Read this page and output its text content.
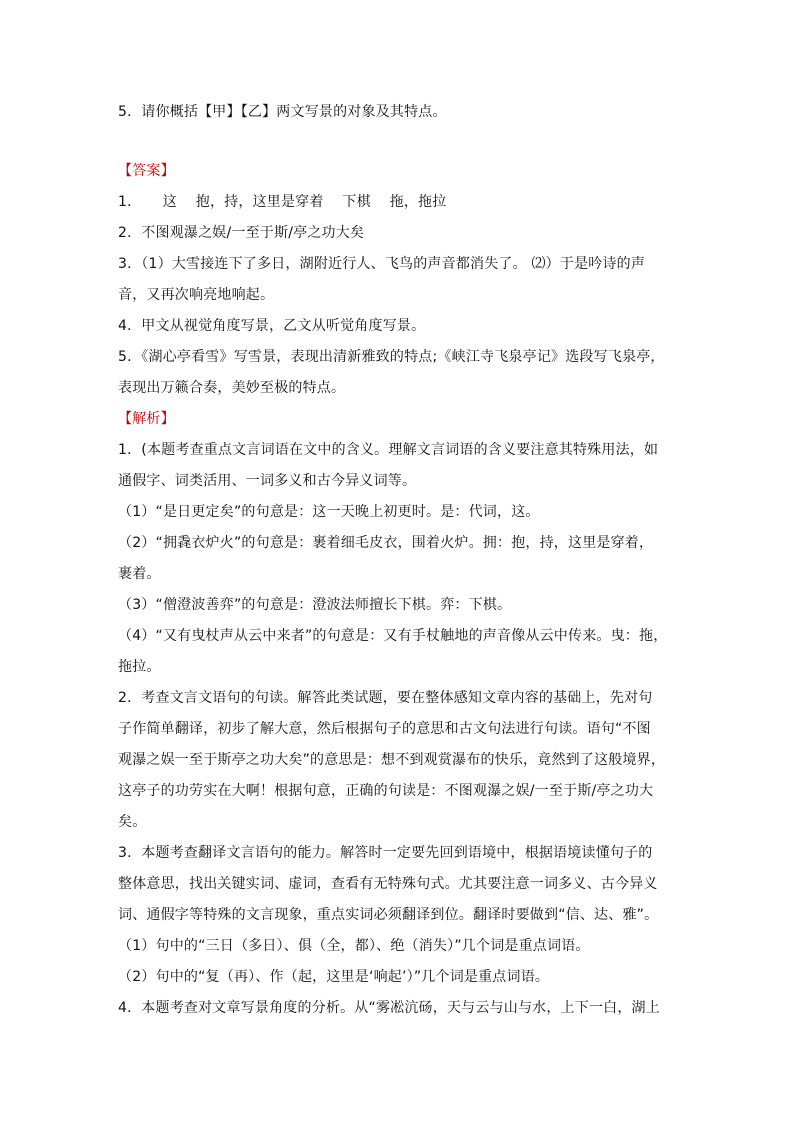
5．请你概括【甲】【乙】两文写景的对象及其特点。
【答案】
1．　　这　 抱，持，这里是穿着　 下棋　 拖，拖拉
2．不图观瀑之娱/一至于斯/亭之功大矣
3．（1）大雪接连下了多日，湖附近行人、飞鸟的声音都消失了。 ⑵）于是吟诗的声
音，又再次响亮地响起。
4．甲文从视觉角度写景，乙文从听觉角度写景。
5．《湖心亭看雪》写雪景，表现出清新雅致的特点;《峡江寺飞泉亭记》选段写飞泉亭，
表现出万籁合奏，美妙至极的特点。
【解析】
1．(本题考查重点文言词语在文中的含义。理解文言词语的含义要注意其特殊用法，如
通假字、词类活用、一词多义和古今异义词等。
（1）“是日更定矣”的句意是：这一天晚上初更时。是：代词，这。
（2）“拥毳衣炉火”的句意是：裹着细毛皮衣，围着火炉。拥：抱，持，这里是穿着，
裹着。
（3）“僧澄波善弈”的句意是：澄波法师擅长下棋。弈：下棋。
（4）“又有曳杖声从云中来者”的句意是：又有手杖触地的声音像从云中传来。曳：拖，
拖拉。
2．考查文言文语句的句读。解答此类试题，要在整体感知文章内容的基础上，先对句
子作简单翻译，初步了解大意，然后根据句子的意思和古文句法进行句读。语句“不图
观瀑之娱一至于斯亭之功大矣”的意思是：想不到观赏瀑布的快乐，竟然到了这般境界，
这亭子的功劳实在大啊！根据句意，正确的句读是：不图观瀑之娱/一至于斯/亭之功大
矣。
3．本题考查翻译文言语句的能力。解答时一定要先回到语境中，根据语境读懂句子的
整体意思，找出关键实词、虚词，查看有无特殊句式。尤其要注意一词多义、古今异义
词、通假字等特殊的文言现象，重点实词必须翻译到位。翻译时要做到“信、达、雅”。
（1）句中的“三日（多日）、俱（全，都）、绝（消失）”几个词是重点词语。
（2）句中的“复（再）、作（起，这里是‘响起’）”几个词是重点词语。
4．本题考查对文章写景角度的分析。从“雾凇沆砀，天与云与山与水，上下一白，湖上
